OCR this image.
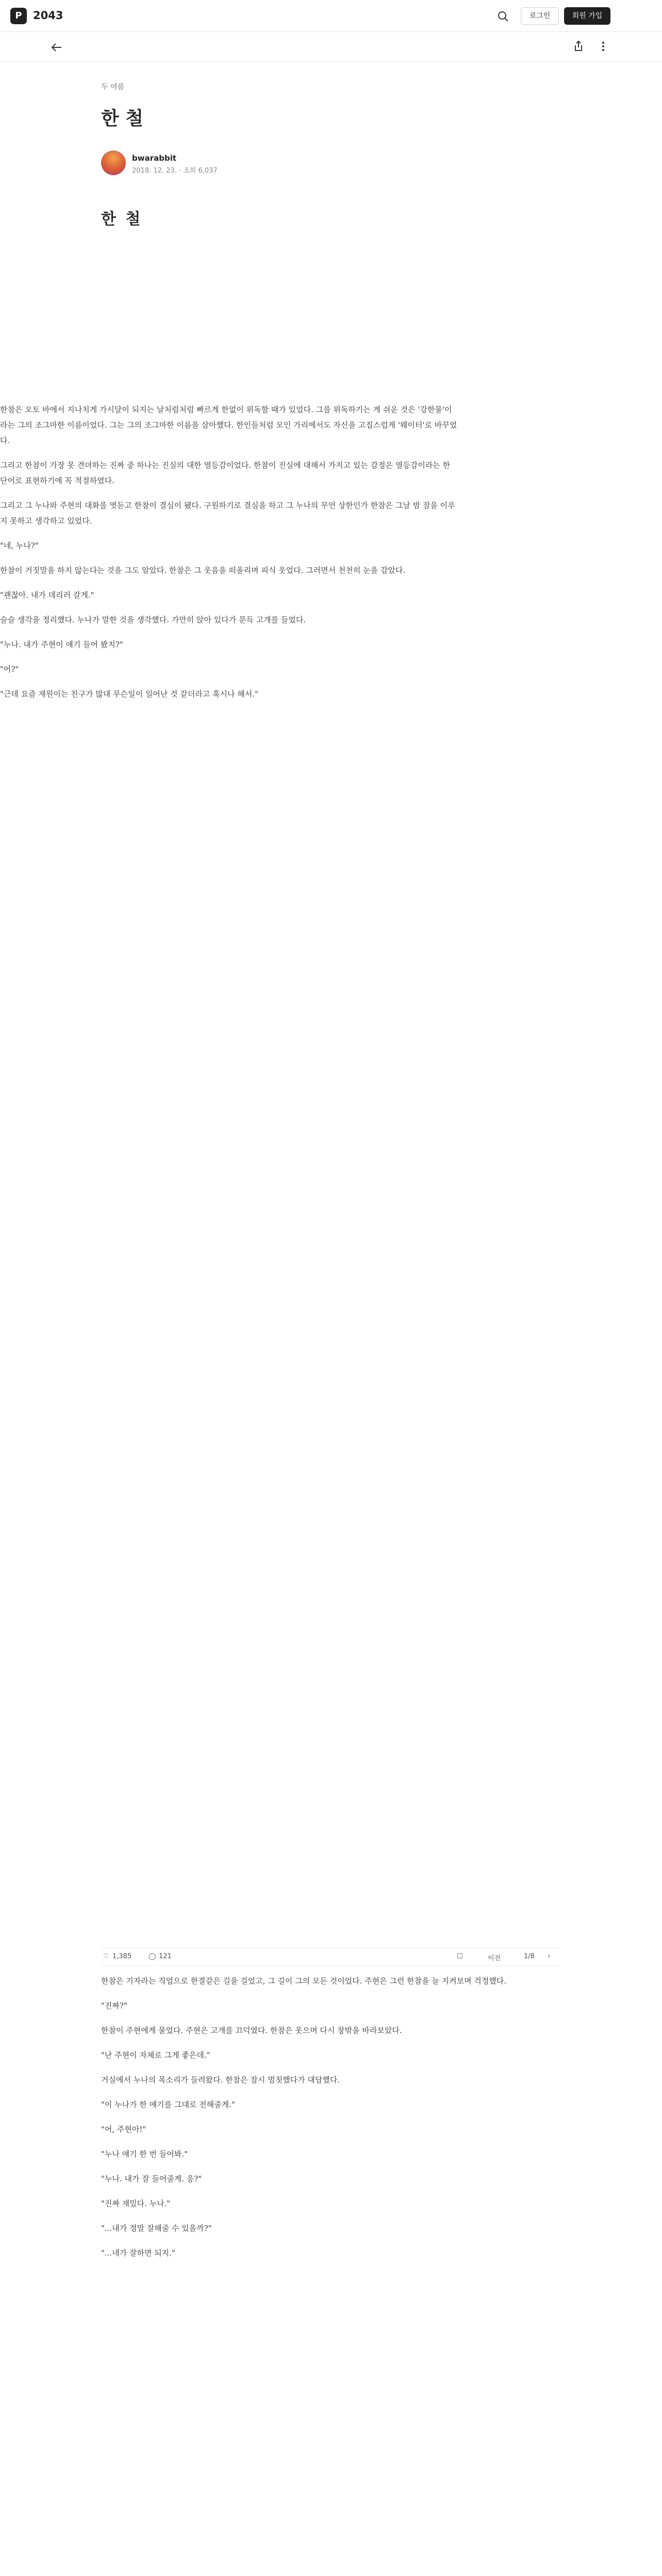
P	2043	로그인	회원 가입
두 여름
한 철
bwarabbit
2018. 12. 23. · 조회 6,037
한 철

한참은 오토 바에서 지나치게 가시달이 되지는 날처럼처럼 빠르게 한없이 위독할 때가 있었다. 그를 위독하기는 게 쉬운 것은 '강한물'이라는 그의 조그마한 이름이었다. 그는 그의 조그마한 이름을 삼아했다. 한인들처럼 모인 가리에서도 자신을 고집스럽게 '웨이터'로 바꾸었다.

그리고 한참이 가장 못 견뎌하는 진짜 중 하나는 진실의 대한 열등감이었다. 한참이 진실에 대해서 가지고 있는 감정은 열등감이라는 한 단어로 표현하기에 꼭 적절하였다.

그리고 그 누나와 주현의 대화를 엿듣고 한참이 결심이 됐다. 구원하기로 결심을 하고 그 누나의 무언 상한인가 한참은 그날 밤 잠을 이루지 못하고 생각하고 있었다.

"네, 누나?"

한참이 거짓말을 하지 않는다는 것을 그도 알았다. 한참은 그 웃음을 떠올리며 피식 웃었다. 그러면서 천천히 눈을 감았다.

"괜찮아. 내가 데리러 갈게."

슬슬 생각을 정리했다. 누나가 말한 것을 생각했다. 가만히 앉아 있다가 문득 고개를 들었다.

"누나. 내가 주현이 얘기 들어 봤지?"

"어?"

"근데 요즘 재원이는 친구가 많대 무슨일이 일어난 것 같더라고 혹시나 해서."

♡ 1,385	◯ 121	☐	이전	1/8 ›

한참은 기자라는 직업으로 한결같은 길을 걸었고, 그 길이 그의 모든 것이었다. 주현은 그런 한참을 늘 지켜보며 걱정했다.

"진짜?"

한참이 주현에게 물었다. 주현은 고개를 끄덕였다. 한참은 웃으며 다시 창밖을 바라보았다.

"난 주현이 자체로 그게 좋은데."

거실에서 누나의 목소리가 들려왔다. 한참은 잠시 멈칫했다가 대답했다.

"이 누나가 한 얘기를 그대로 전해줄게."

"어, 주현아!"

"누나 얘기 한 번 들어봐."

"누나. 내가 잘 들어줄게. 응?"

"진짜 재밌다. 누나."

"...내가 정말 잘해줄 수 있을까?"

"...네가 잘하면 되지."
